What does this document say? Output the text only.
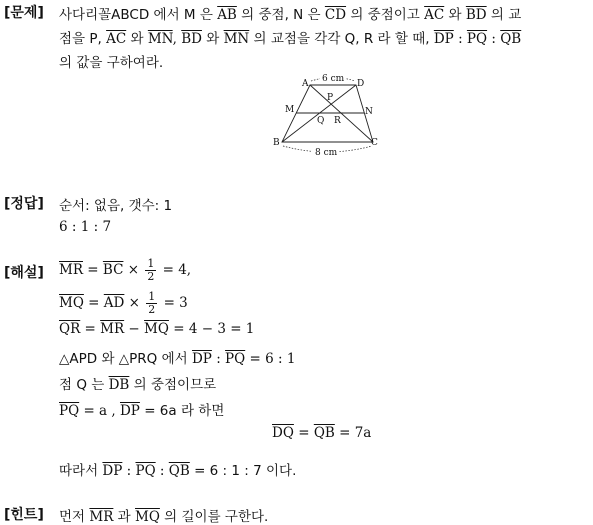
[문제] 사다리꼴ABCD 에서 M 은 $\overline{AB}$ 의 중점, N 은 $\overline{CD}$ 의 중점이고 $\overline{AC}$ 와 $\overline{BD}$ 의 교
점을 P, $\overline{AC}$ 와 $\overline{MN}$, $\overline{BD}$ 와 $\overline{MN}$ 의 교점을 각각 Q, R 라 할 때, $\overline{DP}$ : $\overline{PQ}$ : $\overline{QB}$
의 값을 구하여라.
6 cm
8 cm
A	D
M	N
P
Q R
B	C
[정답] 순서: 없음, 갯수: 1
6 : 1 : 7
[해설] $\overline{MR} = \overline{BC} \times \frac{1}{2} = 4$,
$\overline{MQ} = \overline{AD} \times \frac{1}{2} = 3$
$\overline{QR} = \overline{MR} - \overline{MQ} = 4 - 3 = 1$
△APD 와 △PRQ 에서 $\overline{DP}$ : $\overline{PQ} = 6$ : 1
점 Q 는 $\overline{DB}$ 의 중점이므로
$\overline{PQ} = a$ , $\overline{DP} = 6a$ 라 하면
$\overline{DQ} = \overline{QB} = 7a$
따라서 $\overline{DP}$ : $\overline{PQ}$ : $\overline{QB} = 6$ : 1 : 7 이다.
[힌트] 먼저 $\overline{MR}$ 과 $\overline{MQ}$ 의 길이를 구한다.
